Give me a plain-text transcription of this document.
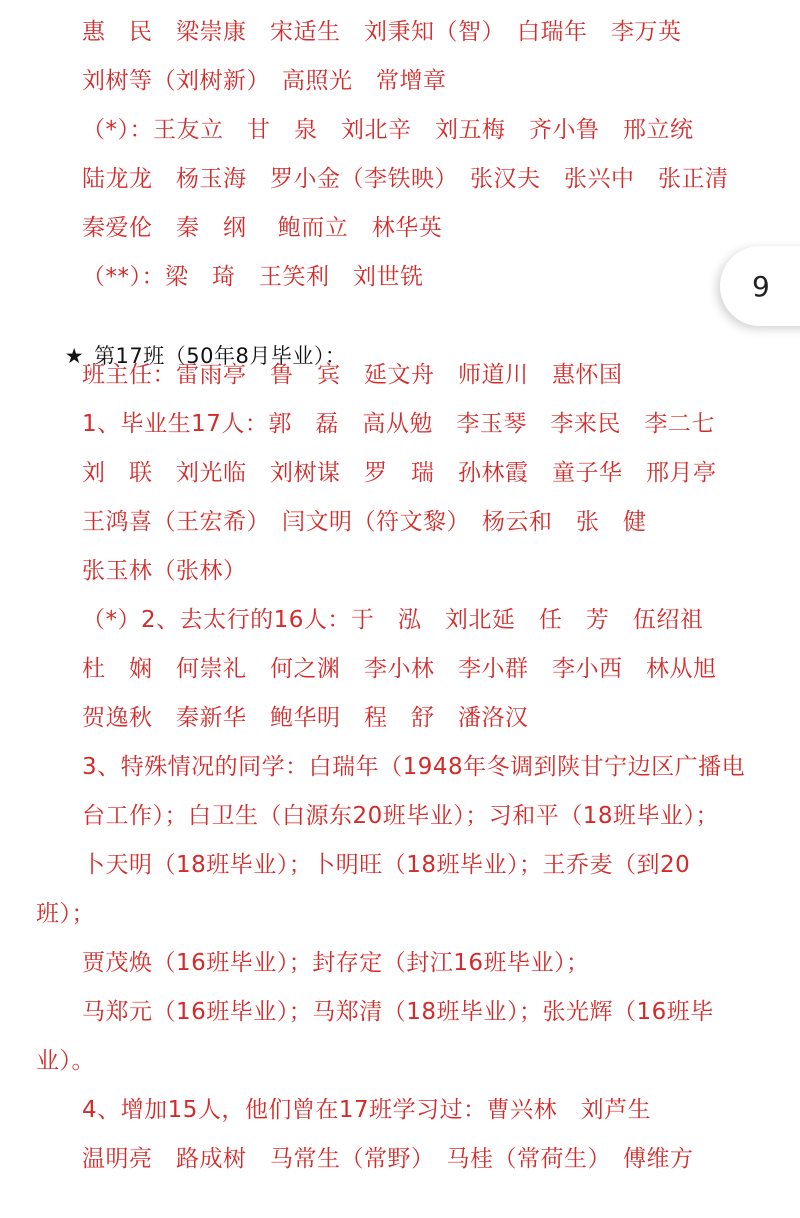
惠　民　梁崇康　宋适生　刘秉知（智）　白瑞年　李万英
刘树等（刘树新）　高照光　常增章
（*）：王友立　甘　泉　刘北辛　刘五梅　齐小鲁　邢立统
陆龙龙　杨玉海　罗小金（李铁映）　张汉夫　张兴中　张正清
秦爱伦　秦　纲　 鲍而立　林华英
（**）：梁　琦　王笑利　刘世铣

★ 第17班（50年8月毕业）：

班主任：雷雨亭　鲁　宾　延文舟　师道川　惠怀国
1、毕业生17人：郭　磊　高从勉　李玉琴　李来民　李二七
刘　联　刘光临　刘树谋　罗　瑞　孙林霞　童子华　邢月亭
王鸿喜（王宏希）　闫文明（符文黎）　杨云和　张　健
张玉林（张林）
（*）2、去太行的16人：于　泓　刘北延　任　芳　伍绍祖
杜　娴　何崇礼　何之渊　李小林　李小群　李小西　林从旭
贺逸秋　秦新华　鲍华明　程　舒　潘洛汉
3、特殊情况的同学：白瑞年（1948年冬调到陕甘宁边区广播电
台工作）；白卫生（白源东20班毕业）；习和平（18班毕业）；
卜天明（18班毕业）；卜明旺（18班毕业）；王乔麦（到20
班）；
贾茂焕（16班毕业）；封存定（封江16班毕业）；
马郑元（16班毕业）；马郑清（18班毕业）；张光辉（16班毕
业）。
4、增加15人，他们曾在17班学习过：曹兴林　刘芦生
温明亮　路成树　马常生（常野）　马桂（常荷生）　傅维方
9
